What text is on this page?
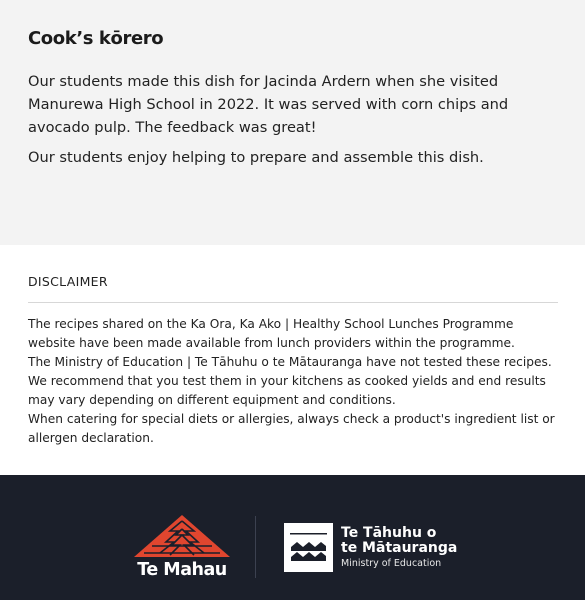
Cook’s kōrero

Our students made this dish for Jacinda Ardern when she visited Manurewa High School in 2022. It was served with corn chips and avocado pulp. The feedback was great!

Our students enjoy helping to prepare and assemble this dish.

DISCLAIMER
The recipes shared on the Ka Ora, Ka Ako | Healthy School Lunches Programme website have been made available from lunch providers within the programme.
The Ministry of Education | Te Tāhuhu o te Mātauranga have not tested these recipes. We recommend that you test them in your kitchens as cooked yields and end results may vary depending on different equipment and conditions.
When catering for special diets or allergies, always check a product's ingredient list or allergen declaration.
Te Mahau
Te Tāhuhu o
te Mātauranga
Ministry of Education
